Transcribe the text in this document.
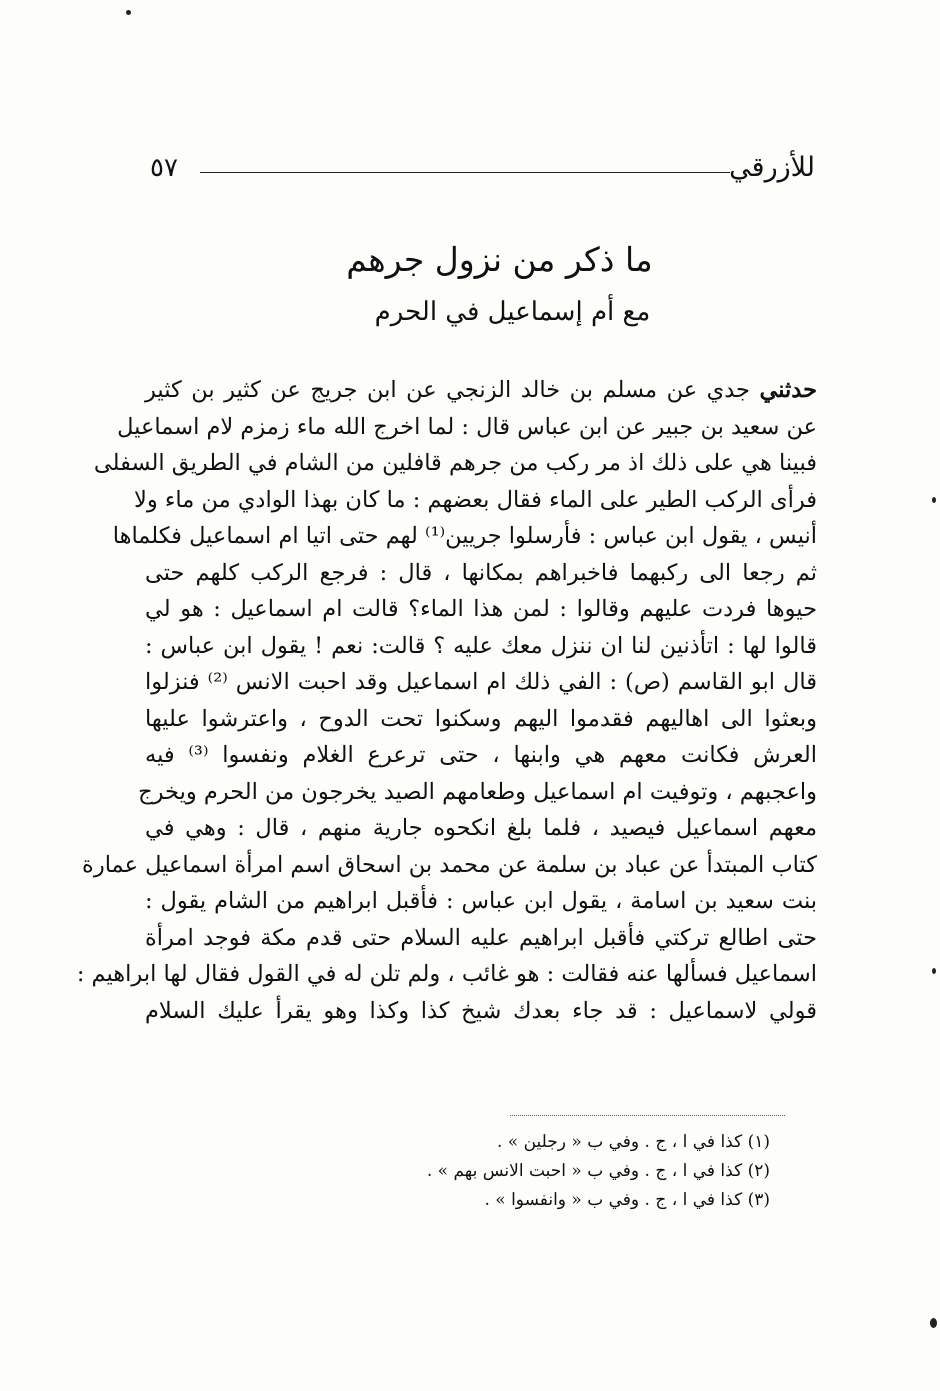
للأزرقي
٥٧
ما ذكر من نزول جرهم
مع أم إسماعيل في الحرم
حدثني جدي عن مسلم بن خالد الزنجي عن ابن جريج عن كثير بن كثير
عن سعيد بن جبير عن ابن عباس قال : لما اخرج الله ماء زمزم لام اسماعيل
فبينا هي على ذلك اذ مر ركب من جرهم قافلين من الشام في الطريق السفلى
فرأى الركب الطير على الماء فقال بعضهم : ما كان بهذا الوادي من ماء ولا
أنيس ، يقول ابن عباس : فأرسلوا جريين⁽¹⁾ لهم حتى اتيا ام اسماعيل فكلماها
ثم رجعا الى ركبهما فاخبراهم بمكانها ، قال : فرجع الركب كلهم حتى
حيوها فردت عليهم وقالوا : لمن هذا الماء؟ قالت ام اسماعيل : هو لي
قالوا لها : اتأذنين لنا ان ننزل معك عليه ؟ قالت: نعم ! يقول ابن عباس :
قال ابو القاسم (ص) : الفي ذلك ام اسماعيل وقد احبت الانس ⁽²⁾ فنزلوا
وبعثوا الى اهاليهم فقدموا اليهم وسكنوا تحت الدوح ، واعترشوا عليها
العرش فكانت معهم هي وابنها ، حتى ترعرع الغلام ونفسوا ⁽³⁾ فيه
واعجبهم ، وتوفيت ام اسماعيل وطعامهم الصيد يخرجون من الحرم ويخرج
معهم اسماعيل فيصيد ، فلما بلغ انكحوه جارية منهم ، قال : وهي في
كتاب المبتدأ عن عباد بن سلمة عن محمد بن اسحاق اسم امرأة اسماعيل عمارة
بنت سعيد بن اسامة ، يقول ابن عباس : فأقبل ابراهيم من الشام يقول :
حتى اطالع تركتي فأقبل ابراهيم عليه السلام حتى قدم مكة فوجد امرأة
اسماعيل فسألها عنه فقالت : هو غائب ، ولم تلن له في القول فقال لها ابراهيم :
قولي لاسماعيل : قد جاء بعدك شيخ كذا وكذا وهو يقرأ عليك السلام
(١) كذا في ا ، ج . وفي ب « رجلين » .
(٢) كذا في ا ، ج . وفي ب « احبت الانس بهم » .
(٣) كذا في ا ، ج . وفي ب « وانفسوا » .
